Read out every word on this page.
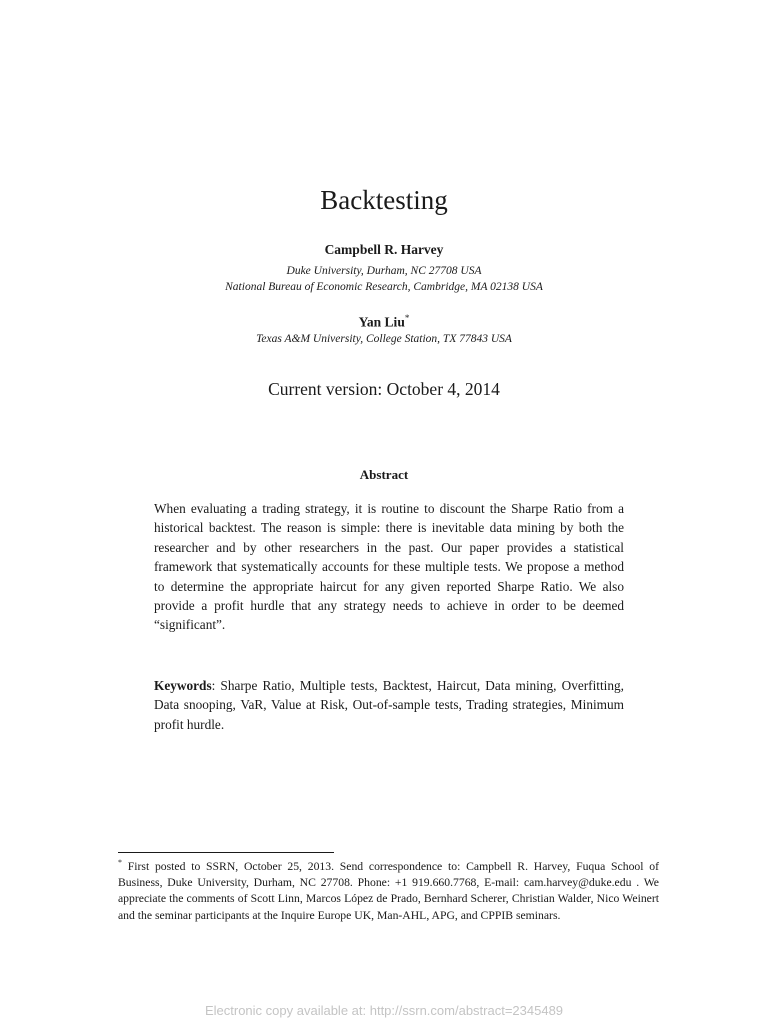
Backtesting
Campbell R. Harvey

Duke University, Durham, NC 27708 USA

National Bureau of Economic Research, Cambridge, MA 02138 USA

Yan Liu*

Texas A&M University, College Station, TX 77843 USA

Current version: October 4, 2014
Abstract

When evaluating a trading strategy, it is routine to discount the Sharpe Ratio from a historical backtest. The reason is simple: there is inevitable data mining by both the researcher and by other researchers in the past. Our paper provides a statistical framework that systematically accounts for these multiple tests. We propose a method to determine the appropriate haircut for any given reported Sharpe Ratio. We also provide a profit hurdle that any strategy needs to achieve in order to be deemed “significant”.

Keywords: Sharpe Ratio, Multiple tests, Backtest, Haircut, Data mining, Overfitting, Data snooping, VaR, Value at Risk, Out-of-sample tests, Trading strategies, Minimum profit hurdle.

* First posted to SSRN, October 25, 2013. Send correspondence to: Campbell R. Harvey, Fuqua School of Business, Duke University, Durham, NC 27708. Phone: +1 919.660.7768, E-mail: cam.harvey@duke.edu . We appreciate the comments of Scott Linn, Marcos López de Prado, Bernhard Scherer, Christian Walder, Nico Weinert and the seminar participants at the Inquire Europe UK, Man-AHL, APG, and CPPIB seminars.

Electronic copy available at: http://ssrn.com/abstract=2345489
